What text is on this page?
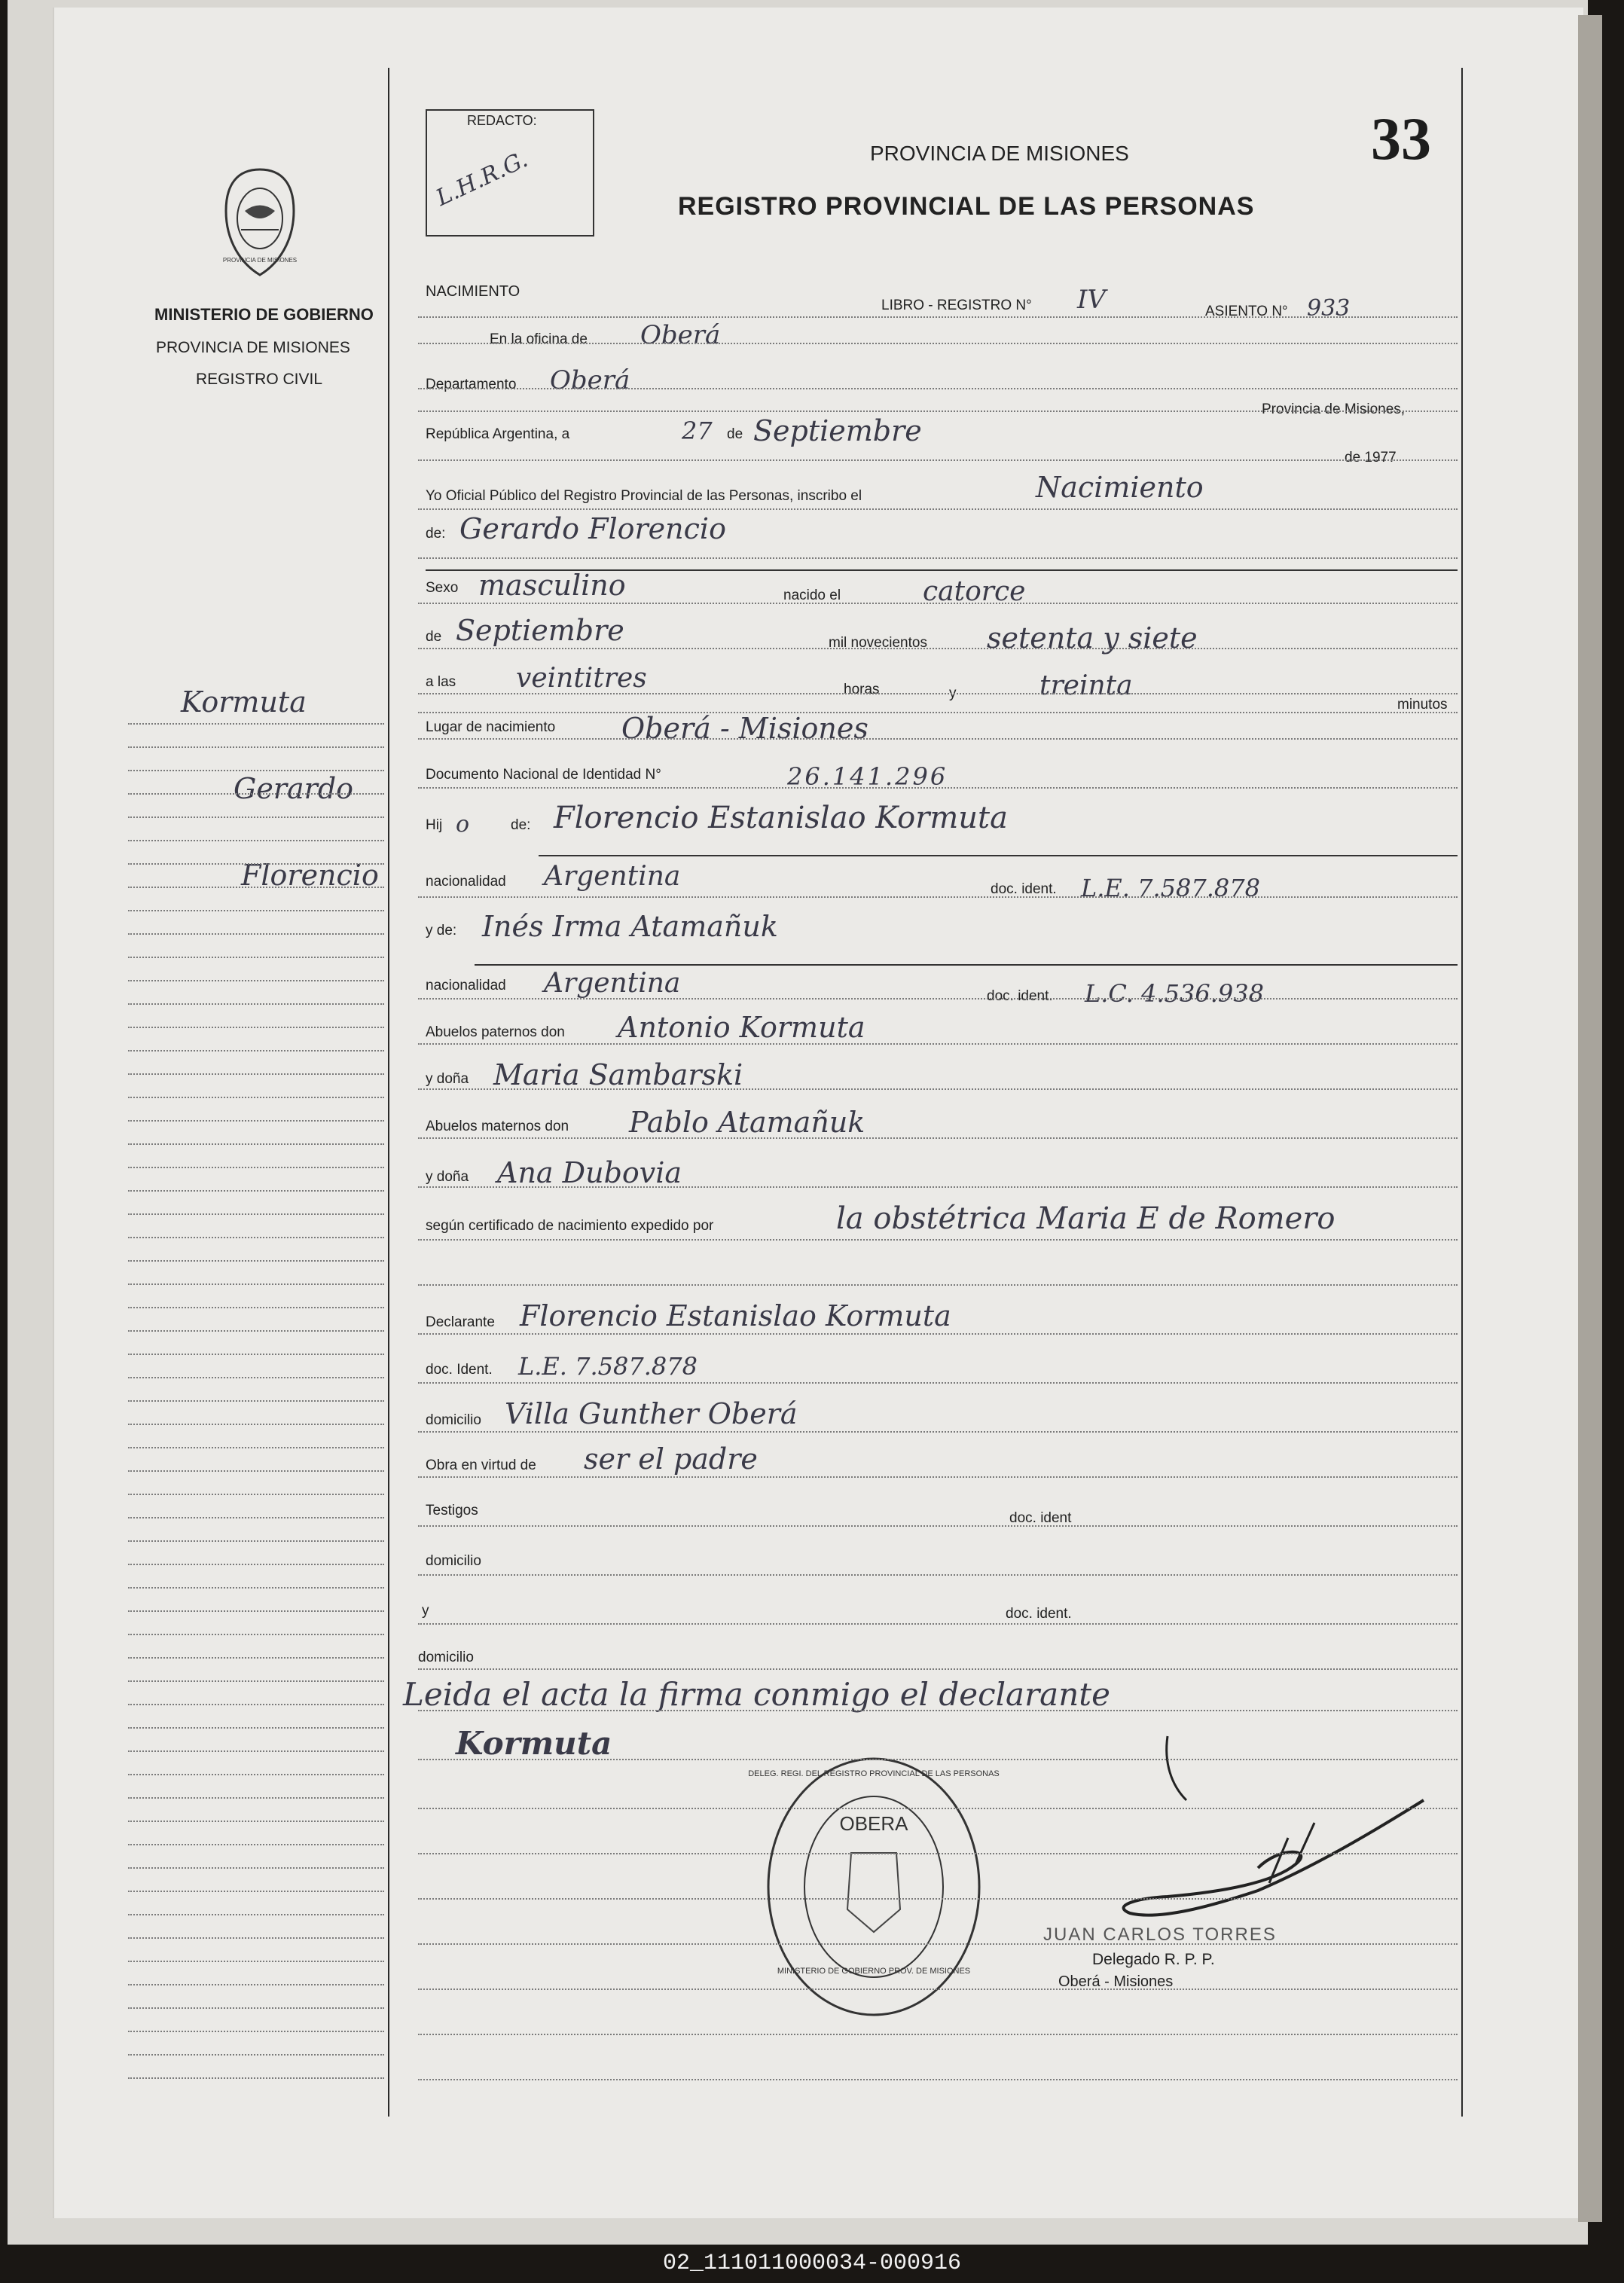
PROVINCIA DE MISIONES
MINISTERIO DE GOBIERNO
PROVINCIA DE MISIONES
REGISTRO CIVIL
REDACTO:
L.H.R.G.	PROVINCIA DE MISIONES
REGISTRO PROVINCIAL DE LAS PERSONAS
33
NACIMIENTO
LIBRO - REGISTRO N° IV	ASIENTO N° 933
En la oficina de Oberá
Departamento Oberá
Provincia de Misiones,
República Argentina, a	27 de Septiembre
de 1977
Yo Oficial Público del Registro Provincial de las Personas, inscribo el	Nacimiento
de: Gerardo Florencio
Sexo masculino	nacido el	catorce
de Septiembre	mil novecientos setenta y siete
a las veintitres	horas	y	treinta
minutos
Lugar de nacimiento Oberá - Misiones
Documento Nacional de Identidad N°	26.141.296
Hij o	de: Florencio Estanislao Kormuta
nacionalidad Argentina	doc. ident. L.E. 7.587.878
y de: Inés Irma Atamañuk
nacionalidad Argentina	doc. ident. L.C. 4.536.938
Abuelos paternos don Antonio Kormuta
y doña Maria Sambarski
Abuelos maternos don Pablo Atamañuk
y doña Ana Dubovia
según certificado de nacimiento expedido por	la obstétrica Maria E de Romero
Declarante Florencio Estanislao Kormuta
doc. Ident. L.E. 7.587.878
domicilio Villa Gunther Oberá
Obra en virtud de ser el padre
Testigos	doc. ident
domicilio
y	doc. ident.
domicilio
Leida el acta la firma conmigo el declarante
Kormuta
OBERA
MINISTERIO DE GOBIERNO PROV. DE MISIONES
DELEG. REGI. DEL REGISTRO PROVINCIAL DE LAS PERSONAS
JUAN CARLOS TORRES
Delegado R. P. P.
Oberá - Misiones
Kormuta
Gerardo
Florencio
02_111011000034-000916
